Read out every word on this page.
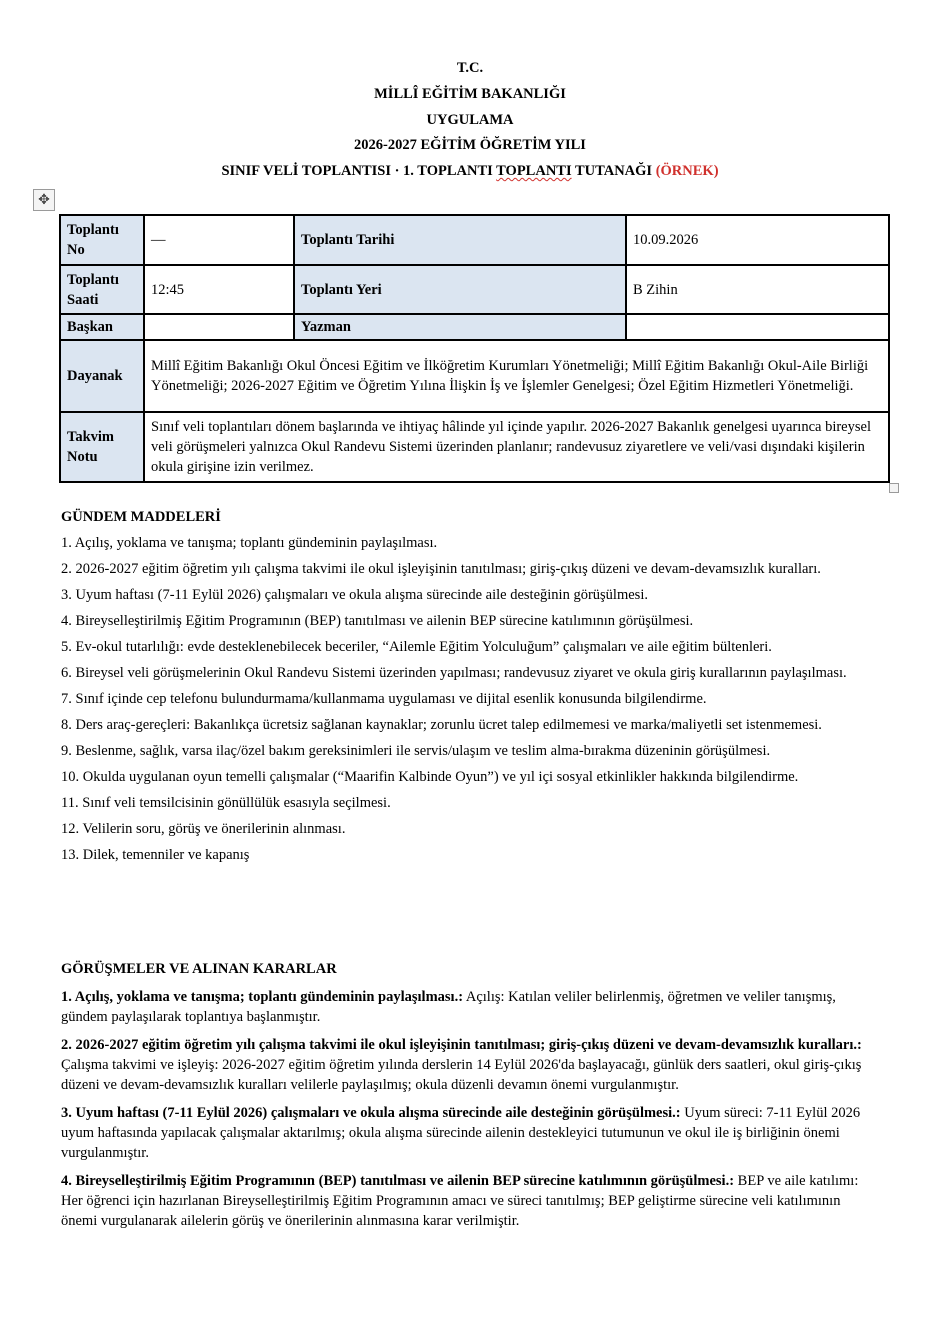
T.C.
MİLLÎ EĞİTİM BAKANLIĞI
UYGULAMA
2026-2027 EĞİTİM ÖĞRETİM YILI
SINIF VELİ TOPLANTISI · 1. TOPLANTI TOPLANTI TUTANAĞI (ÖRNEK)
✥
Toplantı No	—	Toplantı Tarihi	10.09.2026
Toplantı Saati	12:45	Toplantı Yeri	B Zihin
Başkan		Yazman	
Dayanak	Millî Eğitim Bakanlığı Okul Öncesi Eğitim ve İlköğretim Kurumları Yönetmeliği; Millî Eğitim Bakanlığı Okul-Aile Birliği Yönetmeliği; 2026-2027 Eğitim ve Öğretim Yılına İlişkin İş ve İşlemler Genelgesi; Özel Eğitim Hizmetleri Yönetmeliği.		
Takvim Notu	Sınıf veli toplantıları dönem başlarında ve ihtiyaç hâlinde yıl içinde yapılır. 2026-2027 Bakanlık genelgesi uyarınca bireysel veli görüşmeleri yalnızca Okul Randevu Sistemi üzerinden planlanır; randevusuz ziyaretlere ve veli/vasi dışındaki kişilerin okula girişine izin verilmez.		
GÜNDEM MADDELERİ
1. Açılış, yoklama ve tanışma; toplantı gündeminin paylaşılması.
2. 2026-2027 eğitim öğretim yılı çalışma takvimi ile okul işleyişinin tanıtılması; giriş-çıkış düzeni ve devam-devamsızlık kuralları.
3. Uyum haftası (7-11 Eylül 2026) çalışmaları ve okula alışma sürecinde aile desteğinin görüşülmesi.
4. Bireyselleştirilmiş Eğitim Programının (BEP) tanıtılması ve ailenin BEP sürecine katılımının görüşülmesi.
5. Ev-okul tutarlılığı: evde desteklenebilecek beceriler, “Ailemle Eğitim Yolculuğum” çalışmaları ve aile eğitim bültenleri.
6. Bireysel veli görüşmelerinin Okul Randevu Sistemi üzerinden yapılması; randevusuz ziyaret ve okula giriş kurallarının paylaşılması.
7. Sınıf içinde cep telefonu bulundurmama/kullanmama uygulaması ve dijital esenlik konusunda bilgilendirme.
8. Ders araç-gereçleri: Bakanlıkça ücretsiz sağlanan kaynaklar; zorunlu ücret talep edilmemesi ve marka/maliyetli set istenmemesi.
9. Beslenme, sağlık, varsa ilaç/özel bakım gereksinimleri ile servis/ulaşım ve teslim alma-bırakma düzeninin görüşülmesi.
10. Okulda uygulanan oyun temelli çalışmalar (“Maarifin Kalbinde Oyun”) ve yıl içi sosyal etkinlikler hakkında bilgilendirme.
11. Sınıf veli temsilcisinin gönüllülük esasıyla seçilmesi.
12. Velilerin soru, görüş ve önerilerinin alınması.
13. Dilek, temenniler ve kapanış
GÖRÜŞMELER VE ALINAN KARARLAR
1. Açılış, yoklama ve tanışma; toplantı gündeminin paylaşılması.: Açılış: Katılan veliler belirlenmiş, öğretmen ve veliler tanışmış, gündem paylaşılarak toplantıya başlanmıştır.
2. 2026-2027 eğitim öğretim yılı çalışma takvimi ile okul işleyişinin tanıtılması; giriş-çıkış düzeni ve devam-devamsızlık kuralları.: Çalışma takvimi ve işleyiş: 2026-2027 eğitim öğretim yılında derslerin 14 Eylül 2026'da başlayacağı, günlük ders saatleri, okul giriş-çıkış düzeni ve devam-devamsızlık kuralları velilerle paylaşılmış; okula düzenli devamın önemi vurgulanmıştır.
3. Uyum haftası (7-11 Eylül 2026) çalışmaları ve okula alışma sürecinde aile desteğinin görüşülmesi.: Uyum süreci: 7-11 Eylül 2026 uyum haftasında yapılacak çalışmalar aktarılmış; okula alışma sürecinde ailenin destekleyici tutumunun ve okul ile iş birliğinin önemi vurgulanmıştır.
4. Bireyselleştirilmiş Eğitim Programının (BEP) tanıtılması ve ailenin BEP sürecine katılımının görüşülmesi.: BEP ve aile katılımı: Her öğrenci için hazırlanan Bireyselleştirilmiş Eğitim Programının amacı ve süreci tanıtılmış; BEP geliştirme sürecine veli katılımının önemi vurgulanarak ailelerin görüş ve önerilerinin alınmasına karar verilmiştir.
